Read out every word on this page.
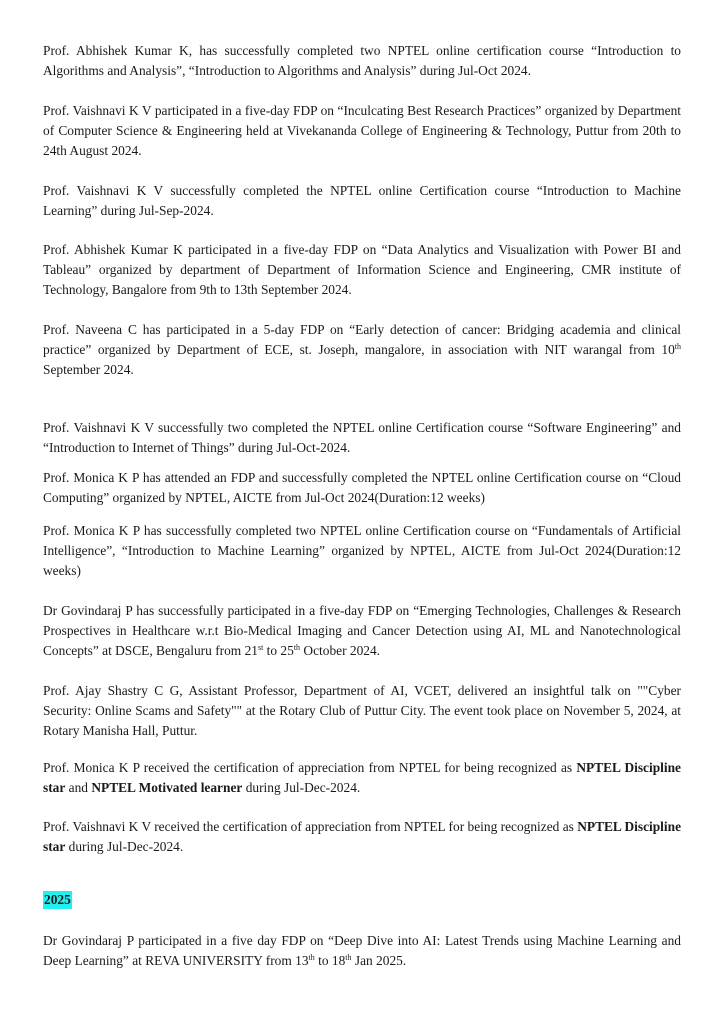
Prof. Abhishek Kumar K, has successfully completed two NPTEL online certification course “Introduction to Algorithms and Analysis”, “Introduction to Algorithms and Analysis” during Jul-Oct 2024.

Prof. Vaishnavi K V participated in a five-day FDP on “Inculcating Best Research Practices” organized by Department of Computer Science & Engineering held at Vivekananda College of Engineering & Technology, Puttur from 20th to 24th August 2024.

Prof. Vaishnavi K V successfully completed the NPTEL online Certification course “Introduction to Machine Learning” during Jul-Sep-2024.

Prof. Abhishek Kumar K participated in a five-day FDP on “Data Analytics and Visualization with Power BI and Tableau” organized by department of Department of Information Science and Engineering, CMR institute of Technology, Bangalore from 9th to 13th September 2024.

Prof. Naveena C has participated in a 5-day FDP on “Early detection of cancer: Bridging academia and clinical practice” organized by Department of ECE, st. Joseph, mangalore, in association with NIT warangal from 10th September 2024.

Prof. Vaishnavi K V successfully two completed the NPTEL online Certification course “Software Engineering” and “Introduction to Internet of Things” during Jul-Oct-2024.

Prof. Monica K P has attended an FDP and successfully completed the NPTEL online Certification course on “Cloud Computing” organized by NPTEL, AICTE from Jul-Oct 2024(Duration:12 weeks)

Prof. Monica K P has successfully completed two NPTEL online Certification course on “Fundamentals of Artificial Intelligence”, “Introduction to Machine Learning” organized by NPTEL, AICTE from Jul-Oct 2024(Duration:12 weeks)

Dr Govindaraj P has successfully participated in a five-day FDP on “Emerging Technologies, Challenges & Research Prospectives in Healthcare w.r.t Bio-Medical Imaging and Cancer Detection using AI, ML and Nanotechnological Concepts” at DSCE, Bengaluru from 21st to 25th October 2024.

Prof. Ajay Shastry C G, Assistant Professor, Department of AI, VCET, delivered an insightful talk on ""Cyber Security: Online Scams and Safety"" at the Rotary Club of Puttur City. The event took place on November 5, 2024, at Rotary Manisha Hall, Puttur.

Prof. Monica K P received the certification of appreciation from NPTEL for being recognized as NPTEL Discipline star and NPTEL Motivated learner during Jul-Dec-2024.

Prof. Vaishnavi K V received the certification of appreciation from NPTEL for being recognized as NPTEL Discipline star during Jul-Dec-2024.

2025

Dr Govindaraj P participated in a five day FDP on “Deep Dive into AI: Latest Trends using Machine Learning and Deep Learning” at REVA UNIVERSITY from 13th to 18th Jan 2025.
